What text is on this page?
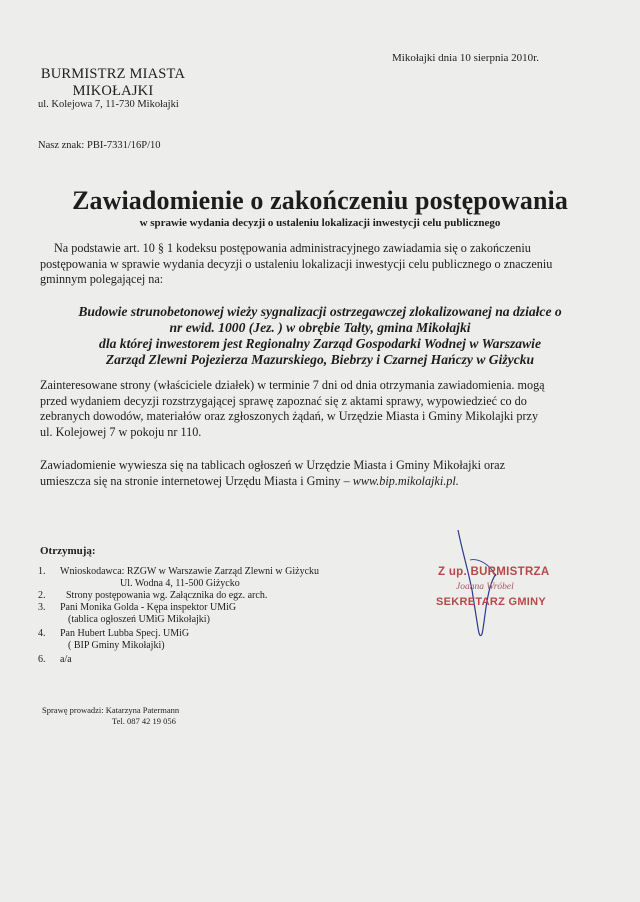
Mikołajki dnia 10 sierpnia 2010r.
BURMISTRZ MIASTA
MIKOŁAJKI
ul. Kolejowa 7, 11-730 Mikołajki
Nasz znak: PBI-7331/16P/10
Zawiadomienie o zakończeniu postępowania
w sprawie wydania decyzji o ustaleniu lokalizacji inwestycji celu publicznego
Na podstawie art. 10 § 1 kodeksu postępowania administracyjnego zawiadamia się o zakończeniu
postępowania w sprawie wydania decyzji o ustaleniu lokalizacji inwestycji celu publicznego o znaczeniu
gminnym polegającej na:
Budowie strunobetonowej wieży sygnalizacji ostrzegawczej zlokalizowanej na działce o
nr ewid. 1000 (Jez. ) w obrębie Tałty, gmina Mikołajki
dla której inwestorem jest Regionalny Zarząd Gospodarki Wodnej w Warszawie
Zarząd Zlewni Pojezierza Mazurskiego, Biebrzy i Czarnej Hańczy w Giżycku
Zainteresowane strony (właściciele działek) w terminie 7 dni od dnia otrzymania zawiadomienia. mogą
przed wydaniem decyzji rozstrzygającej sprawę zapoznać się z aktami sprawy, wypowiedzieć co do
zebranych dowodów, materiałów oraz zgłoszonych żądań, w Urzędzie Miasta i Gminy Mikolajki przy
ul. Kolejowej 7 w pokoju nr 110.
Zawiadomienie wywiesza się na tablicach ogłoszeń w Urzędzie Miasta i Gminy Mikołajki oraz
umieszcza się na stronie internetowej Urzędu Miasta i Gminy – www.bip.mikolajki.pl.
Otrzymują:
1.	Wnioskodawca: RZGW w Warszawie Zarząd Zlewni w Giżycku
Ul. Wodna 4, 11-500 Giżycko
2.	Strony postępowania wg. Załącznika do egz. arch.
3.	Pani Monika Golda - Kępa inspektor UMiG
(tablica ogłoszeń UMiG Mikołajki)
4.	Pan Hubert Lubba Specj. UMiG
( BIP Gminy Mikołajki)
6.	a/a
Z up. BURMISTRZA
Joanna Wróbel
SEKRETARZ GMINY
Sprawę prowadzi: Katarzyna Patermann
Tel. 087 42 19 056
